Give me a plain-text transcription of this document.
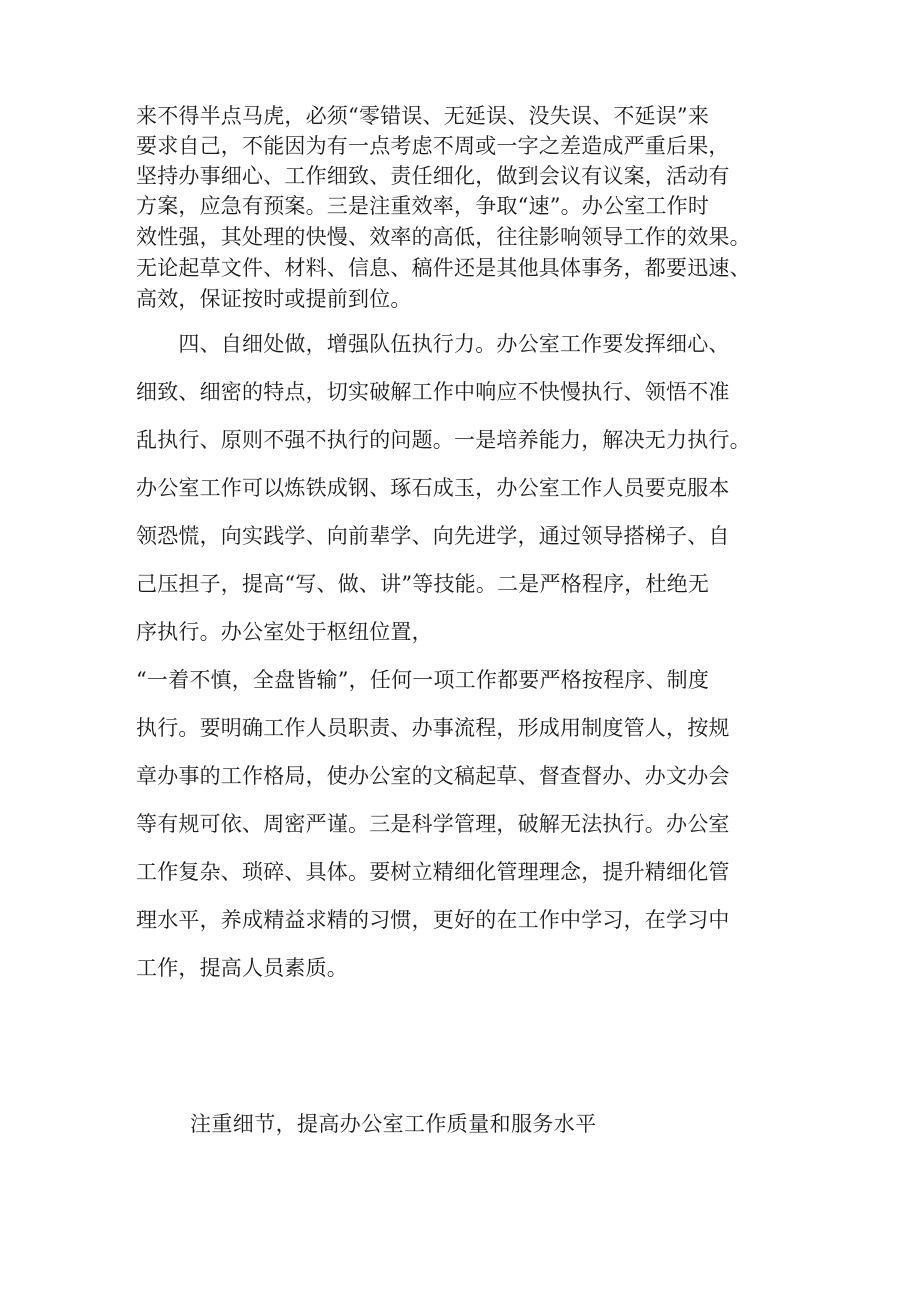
来不得半点马虎，必须“零错误、无延误、没失误、不延误”来
要求自己，不能因为有一点考虑不周或一字之差造成严重后果，
坚持办事细心、工作细致、责任细化，做到会议有议案，活动有
方案，应急有预案。三是注重效率，争取“速”。办公室工作时
效性强，其处理的快慢、效率的高低，往往影响领导工作的效果。
无论起草文件、材料、信息、稿件还是其他具体事务，都要迅速、
高效，保证按时或提前到位。
　　四、自细处做，增强队伍执行力。办公室工作要发挥细心、
细致、细密的特点，切实破解工作中响应不快慢执行、领悟不准
乱执行、原则不强不执行的问题。一是培养能力，解决无力执行。
办公室工作可以炼铁成钢、琢石成玉，办公室工作人员要克服本
领恐慌，向实践学、向前辈学、向先进学，通过领导搭梯子、自
己压担子，提高“写、做、讲”等技能。二是严格程序，杜绝无
序执行。办公室处于枢纽位置，
“一着不慎，全盘皆输”，任何一项工作都要严格按程序、制度
执行。要明确工作人员职责、办事流程，形成用制度管人，按规
章办事的工作格局，使办公室的文稿起草、督查督办、办文办会
等有规可依、周密严谨。三是科学管理，破解无法执行。办公室
工作复杂、琐碎、具体。要树立精细化管理理念，提升精细化管
理水平，养成精益求精的习惯，更好的在工作中学习，在学习中
工作，提高人员素质。
注重细节，提高办公室工作质量和服务水平
